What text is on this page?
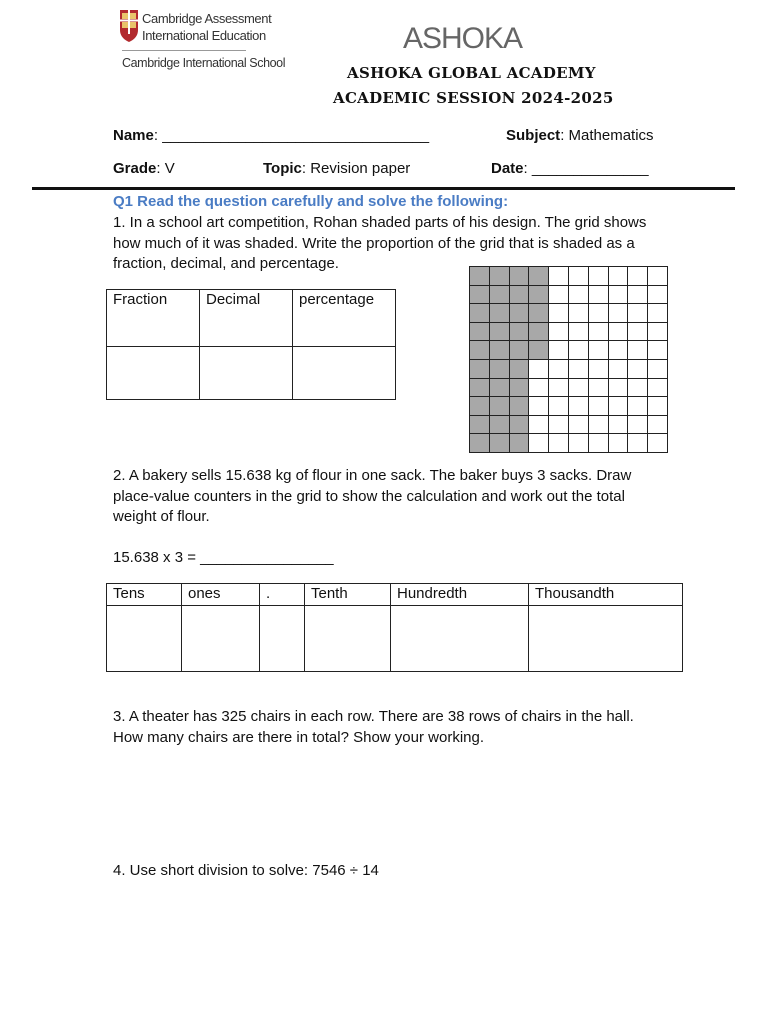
Cambridge Assessment
International Education
Cambridge International School
ASHOKA
ASHOKA GLOBAL ACADEMY
ACADEMIC SESSION 2024-2025
Name: ________________________________	Subject: Mathematics
Grade: V	Topic: Revision paper	Date: ______________
Q1 Read the question carefully and solve the following:
1. In a school art competition, Rohan shaded parts of his design. The grid shows how much of it was shaded. Write the proportion of the grid that is shaded as a fraction, decimal, and percentage.
Fraction	Decimal	percentage

2. A bakery sells 15.638 kg of flour in one sack. The baker buys 3 sacks. Draw place-value counters in the grid to show the calculation and work out the total weight of flour.
15.638 x 3 = ________________
Tens	ones	.	Tenth	Hundredth	Thousandth

3. A theater has 325 chairs in each row. There are 38 rows of chairs in the hall. How many chairs are there in total? Show your working.
4. Use short division to solve: 7546 ÷ 14
